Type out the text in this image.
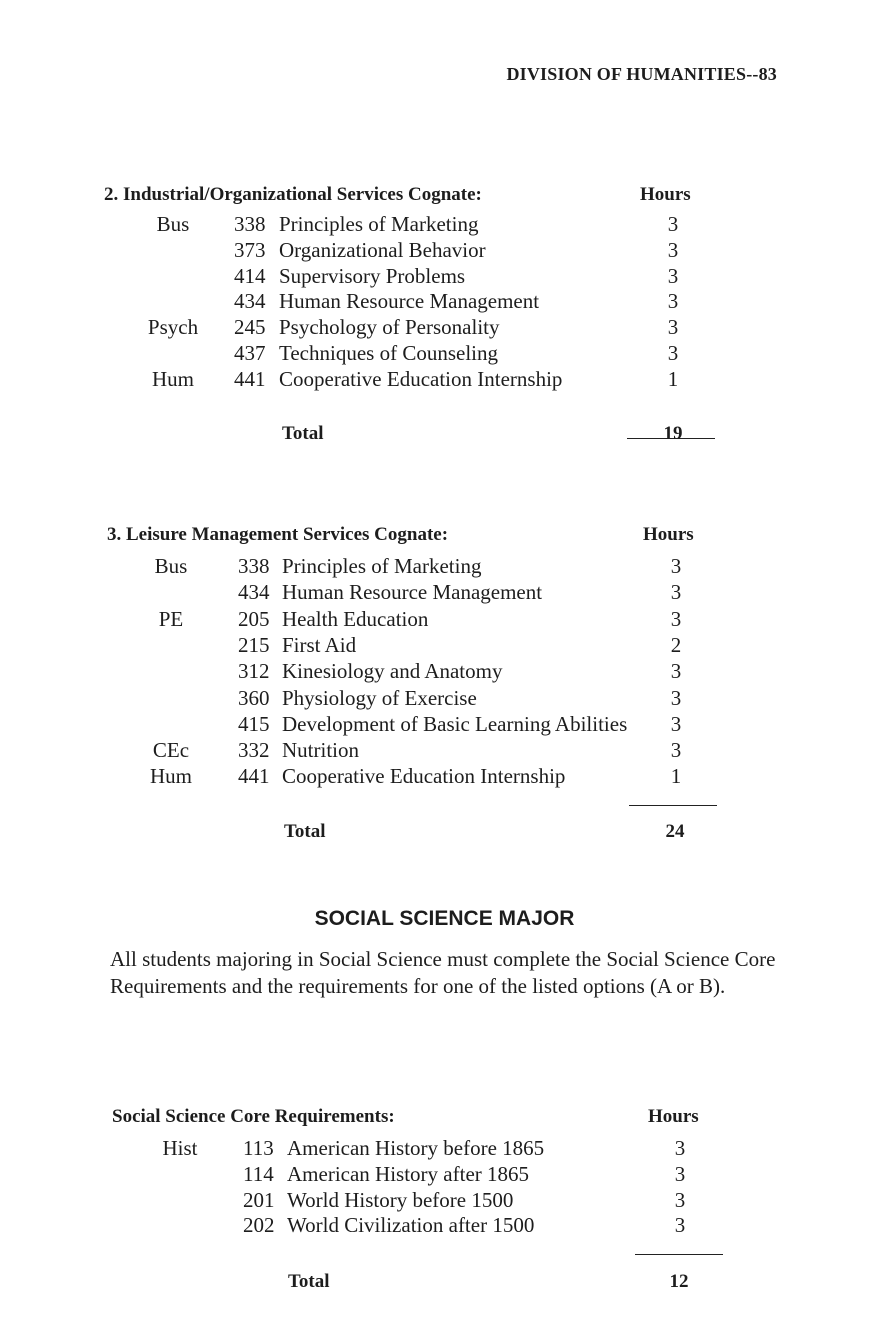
DIVISION OF HUMANITIES--83
2. Industrial/Organizational Services Cognate:	Hours
Bus	338 Principles of Marketing	3
373 Organizational Behavior	3
414 Supervisory Problems	3
434 Human Resource Management	3
Psych	245 Psychology of Personality	3
437 Techniques of Counseling	3
Hum	441 Cooperative Education Internship	1
Total	19
3. Leisure Management Services Cognate:	Hours
Bus	338 Principles of Marketing	3
434 Human Resource Management	3
PE	205 Health Education	3
215 First Aid	2
312 Kinesiology and Anatomy	3
360 Physiology of Exercise	3
415 Development of Basic Learning Abilities 3
CEc	332 Nutrition	3
Hum	441 Cooperative Education Internship	1
Total	24
SOCIAL SCIENCE MAJOR

All students majoring in Social Science must complete the Social Science Core Requirements and the requirements for one of the listed options (A or B).

Social Science Core Requirements:	Hours
Hist	113 American History before 1865	3
114 American History after 1865	3
201 World History before 1500	3
202 World Civilization after 1500	3
Total	12
